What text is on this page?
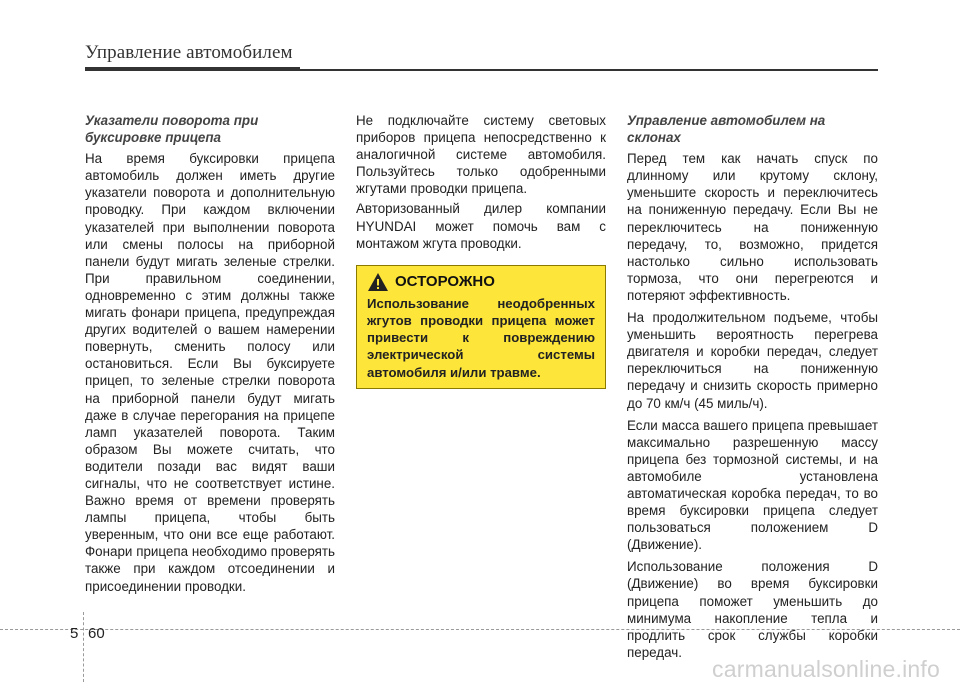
Управление автомобилем
Указатели поворота при
буксировке прицепа

На время буксировки прицепа автомобиль должен иметь другие указатели поворота и дополнительную проводку. При каждом включении указателей при выполнении поворота или смены полосы на приборной панели будут мигать зеленые стрелки. При правильном соединении, одновременно с этим должны также мигать фонари прицепа, предупреждая других водителей о вашем намерении повернуть, сменить полосу или остановиться. Если Вы буксируете прицеп, то зеленые стрелки поворота на приборной панели будут мигать даже в случае перегорания на прицепе ламп указателей поворота. Таким образом Вы можете считать, что водители позади вас видят ваши сигналы, что не соответствует истине. Важно время от времени проверять лампы прицепа, чтобы быть уверенным, что они все еще работают. Фонари прицепа необходимо проверять также при каждом отсоединении и присоединении проводки.

Не подключайте систему световых приборов прицепа непосредственно к аналогичной системе автомобиля. Пользуйтесь только одобренными жгутами проводки прицепа.

Авторизованный дилер компании HYUNDAI может помочь вам с монтажом жгута проводки.

ОСТОРОЖНО
Использование неодобренных жгутов проводки прицепа может привести к повреждению электрической системы автомобиля и/или травме.
Управление автомобилем на
склонах

Перед тем как начать спуск по длинному или крутому склону, уменьшите скорость и переключитесь на пониженную передачу. Если Вы не переключитесь на пониженную передачу, то, возможно, придется настолько сильно использовать тормоза, что они перегреются и потеряют эффективность.

На продолжительном подъеме, чтобы уменьшить вероятность перегрева двигателя и коробки передач, следует переключиться на пониженную передачу и снизить скорость примерно до 70 км/ч (45 миль/ч).

Если масса вашего прицепа превышает максимально разрешенную массу прицепа без тормозной системы, и на автомобиле установлена автоматическая коробка передач, то во время буксировки прицепа следует пользоваться положением D (Движение).

Использование положения D (Движение) во время буксировки прицепа поможет уменьшить до минимума накопление тепла и продлить срок службы коробки передач.

5 60
carmanualsonline.info
